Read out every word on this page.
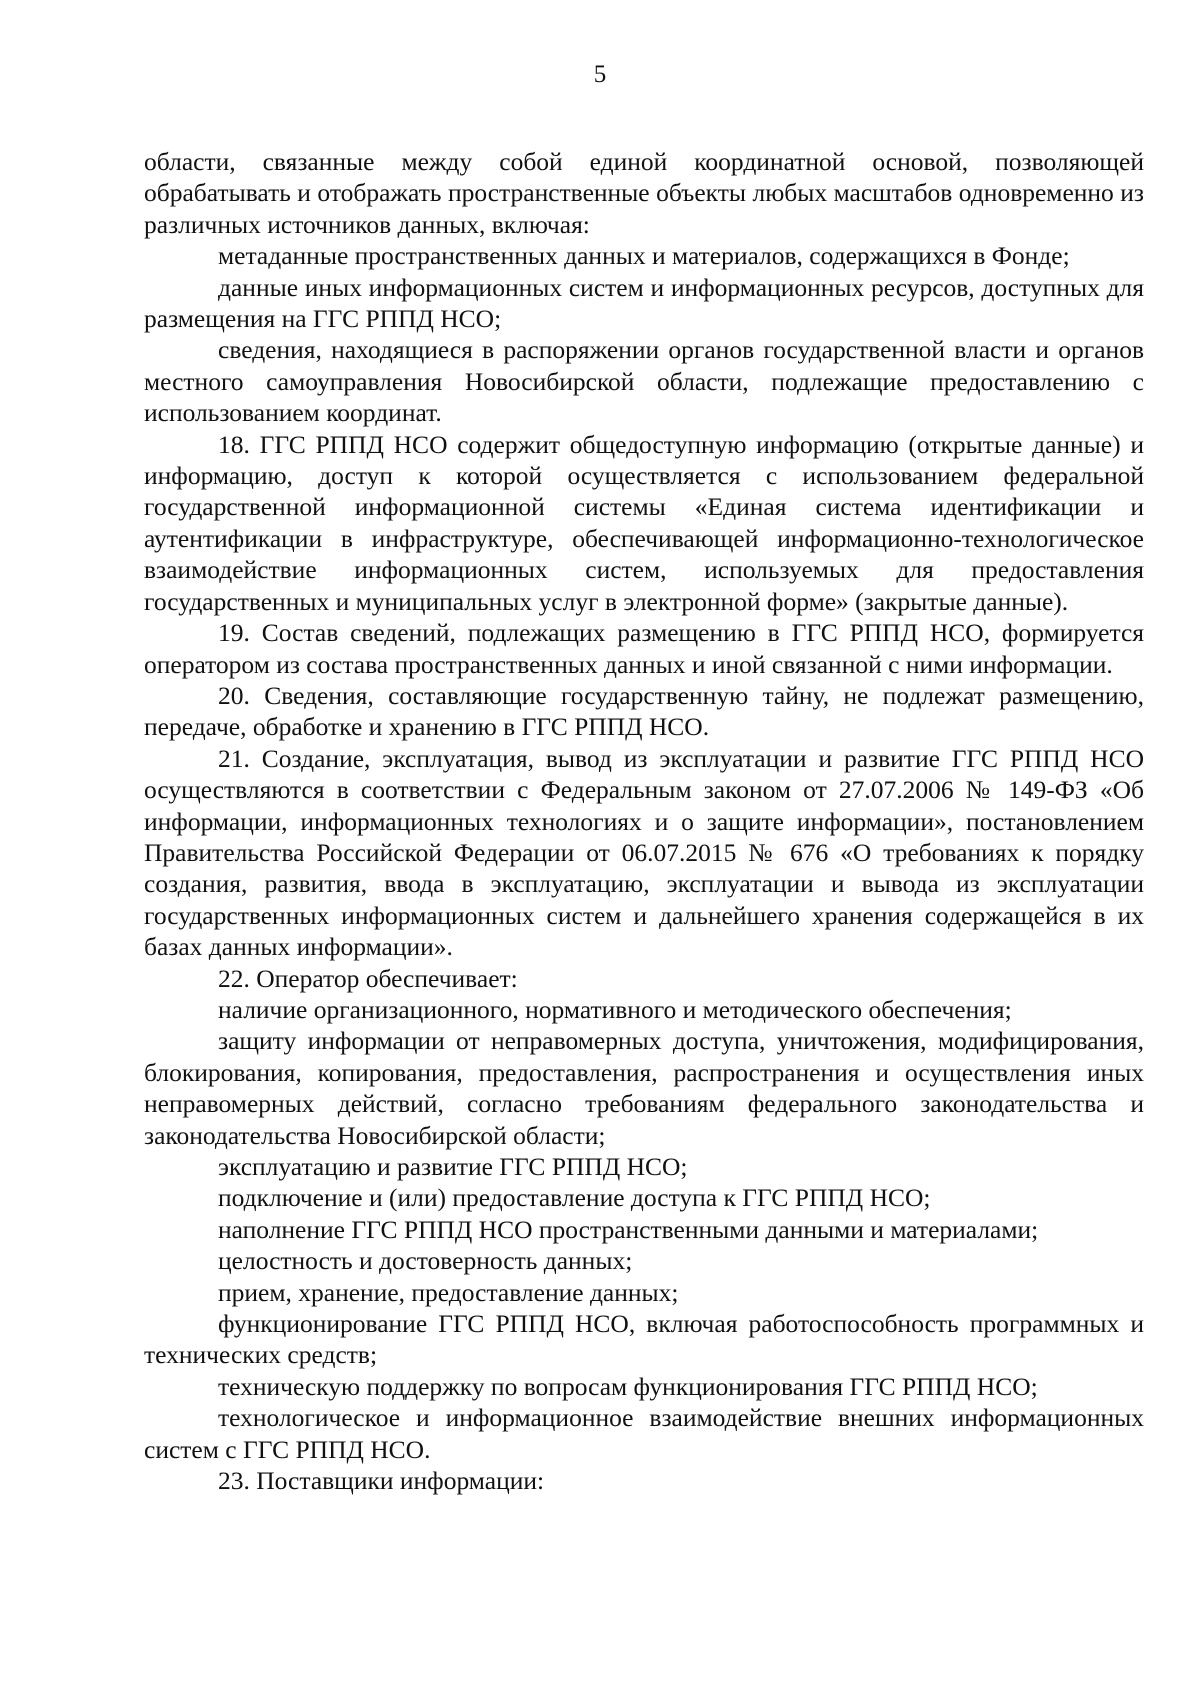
5

области, связанные между собой единой координатной основой, позволяющей обрабатывать и отображать пространственные объекты любых масштабов одновременно из различных источников данных, включая:

метаданные пространственных данных и материалов, содержащихся в Фонде;

данные иных информационных систем и информационных ресурсов, доступных для размещения на ГГС РППД НСО;

сведения, находящиеся в распоряжении органов государственной власти и органов местного самоуправления Новосибирской области, подлежащие предоставлению с использованием координат.

18. ГГС РППД НСО содержит общедоступную информацию (открытые данные) и информацию, доступ к которой осуществляется с использованием федеральной государственной информационной системы «Единая система идентификации и аутентификации в инфраструктуре, обеспечивающей информационно-технологическое взаимодействие информационных систем, используемых для предоставления государственных и муниципальных услуг в электронной форме» (закрытые данные).

19. Состав сведений, подлежащих размещению в ГГС РППД НСО, формируется оператором из состава пространственных данных и иной связанной с ними информации.

20. Сведения, составляющие государственную тайну, не подлежат размещению, передаче, обработке и хранению в ГГС РППД НСО.

21. Создание, эксплуатация, вывод из эксплуатации и развитие ГГС РППД НСО осуществляются в соответствии с Федеральным законом от 27.07.2006 № 149-ФЗ «Об информации, информационных технологиях и о защите информации», постановлением Правительства Российской Федерации от 06.07.2015 № 676 «О требованиях к порядку создания, развития, ввода в эксплуатацию, эксплуатации и вывода из эксплуатации государственных информационных систем и дальнейшего хранения содержащейся в их базах данных информации».

22. Оператор обеспечивает:

наличие организационного, нормативного и методического обеспечения;

защиту информации от неправомерных доступа, уничтожения, модифицирования, блокирования, копирования, предоставления, распространения и осуществления иных неправомерных действий, согласно требованиям федерального законодательства и законодательства Новосибирской области;

эксплуатацию и развитие ГГС РППД НСО;

подключение и (или) предоставление доступа к ГГС РППД НСО;

наполнение ГГС РППД НСО пространственными данными и материалами;

целостность и достоверность данных;

прием, хранение, предоставление данных;

функционирование ГГС РППД НСО, включая работоспособность программных и технических средств;

техническую поддержку по вопросам функционирования ГГС РППД НСО;

технологическое и информационное взаимодействие внешних информационных систем с ГГС РППД НСО.

23. Поставщики информации:
